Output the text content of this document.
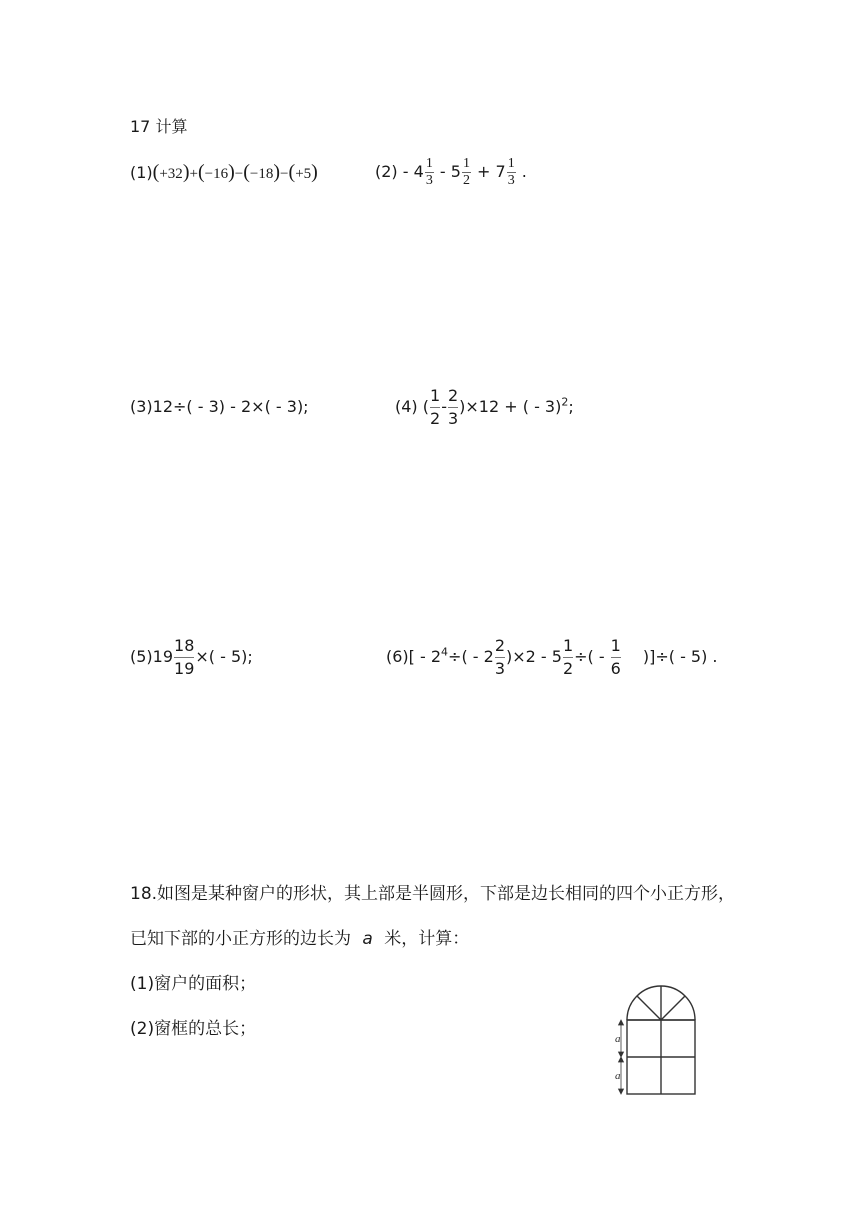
17 计算
(1)(+32)+(−16)−(−18)−(+5)	$(2) - 4 \frac{1}{3} - 5 \frac{1}{2} + 7 \frac{1}{3}$ .
(3)12÷( - 3) - 2×( - 3);	(4) ( $\frac{1}{2} - \frac{2}{3} )\times 12$ + ( - 3)$^2$;
$(5)19 \frac{18}{19}$ ×( - 5);	$(6)[ - 2^4\div( - 2 \frac{2}{3} )\times 2 - 5 \frac{1}{2}$ ÷( - $\frac{1}{6}$ )]÷( - 5) .
18.如图是某种窗户的形状，其上部是半圆形，下部是边长相同的四个小正方形，
已知下部的小正方形的边长为 a 米，计算：
(1)窗户的面积；
(2)窗框的总长；	a
a
